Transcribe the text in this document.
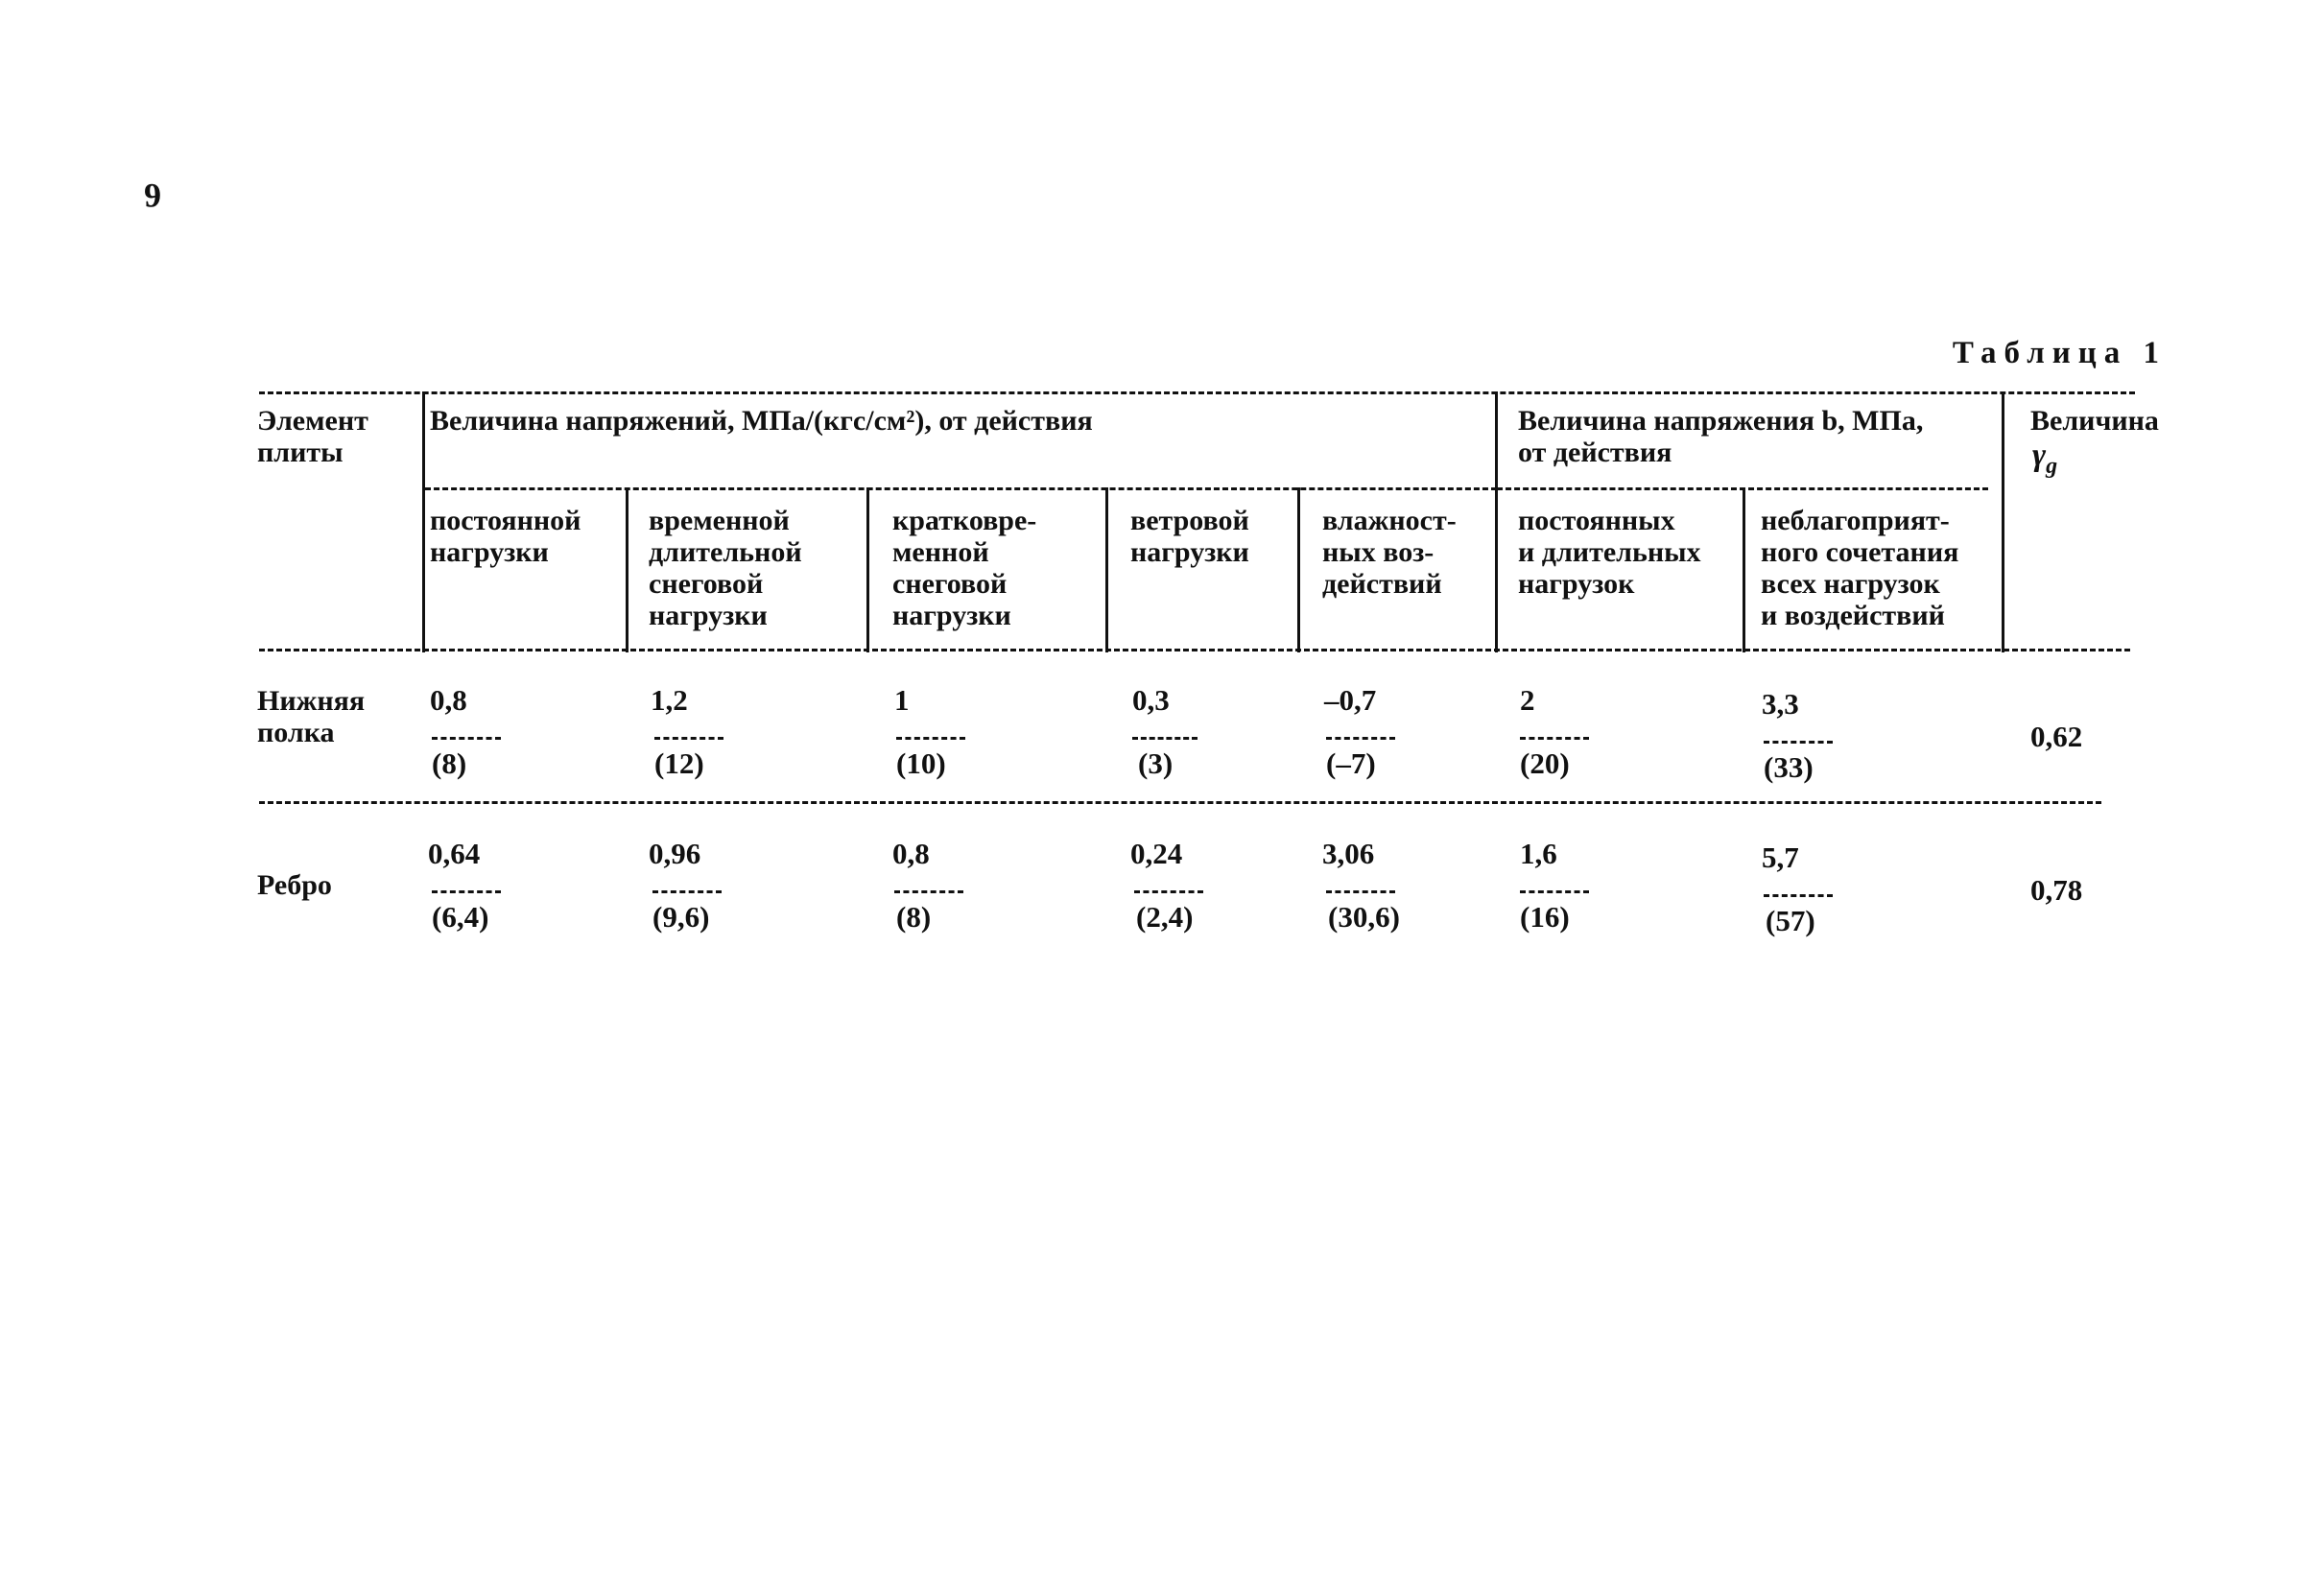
6
Таблица 1
Элемент
плиты
Величина напряжений, МПа/(кгс/см²), от действия	Величина напряжения b, МПа,
от действия
Величина
$\gamma_g$
постоянной
нагрузки
временной
длительной
снеговой
нагрузки
кратковре-
менной
снеговой
нагрузки
ветровой
нагрузки
влажност-
ных воз-
действий
постоянных
и длительных
нагрузок
неблагоприят-
ного сочетания
всех нагрузок
и воздействий
Нижняя
полка
0,8
(8)
1,2
(12)
1
(10)
0,3
(3)
–0,7
(–7)
2
(20)
3,3
(33)
0,62
Ребро
0,64
(6,4)
0,96
(9,6)
0,8
(8)
0,24
(2,4)
3,06
(30,6)
1,6
(16)
5,7
(57)
0,78
